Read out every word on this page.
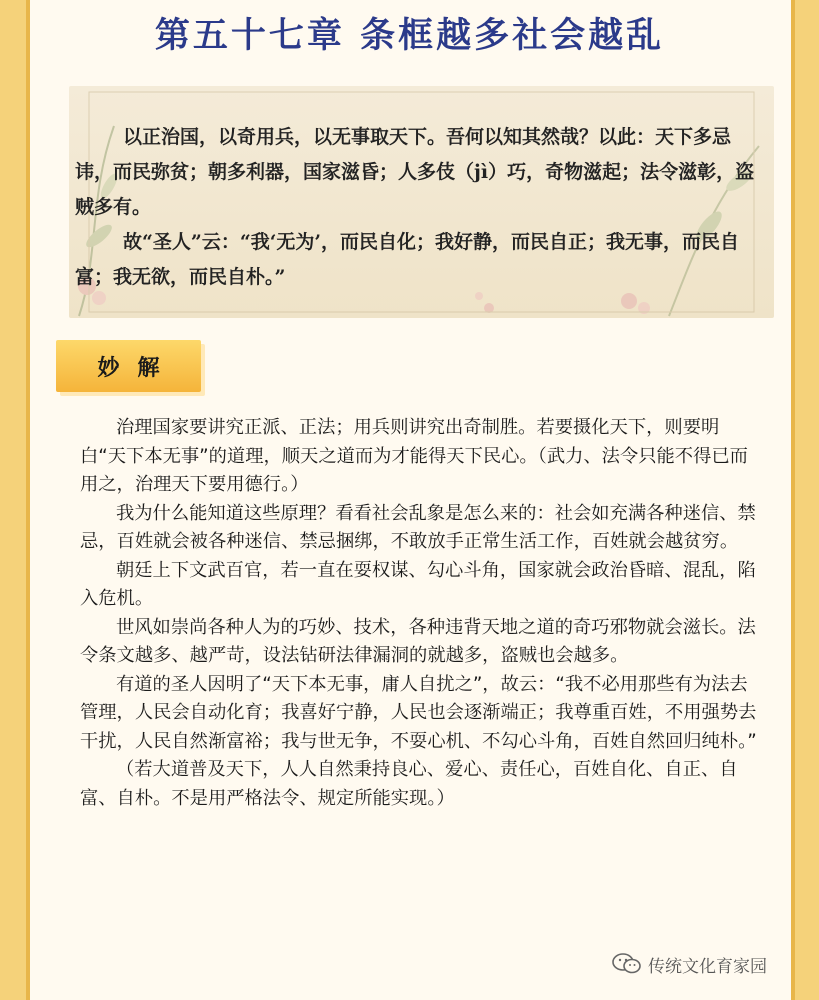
第五十七章 条框越多社会越乱

以正治国，以奇用兵，以无事取天下。吾何以知其然哉？以此：天下多忌讳，而民弥贫；朝多利器，国家滋昏；人多伎（jì）巧，奇物滋起；法令滋彰，盗贼多有。

故“圣人”云：“我‘无为’，而民自化；我好静，而民自正；我无事，而民自富；我无欲，而民自朴。”

妙解

治理国家要讲究正派、正法；用兵则讲究出奇制胜。若要摄化天下，则要明白“天下本无事”的道理，顺天之道而为才能得天下民心。（武力、法令只能不得已而用之，治理天下要用德行。）

我为什么能知道这些原理？看看社会乱象是怎么来的：社会如充满各种迷信、禁忌，百姓就会被各种迷信、禁忌捆绑，不敢放手正常生活工作，百姓就会越贫穷。

朝廷上下文武百官，若一直在耍权谋、勾心斗角，国家就会政治昏暗、混乱，陷入危机。

世风如崇尚各种人为的巧妙、技术，各种违背天地之道的奇巧邪物就会滋长。法令条文越多、越严苛，设法钻研法律漏洞的就越多，盗贼也会越多。

有道的圣人因明了“天下本无事，庸人自扰之”，故云：“我不必用那些有为法去管理，人民会自动化育；我喜好宁静，人民也会逐渐端正；我尊重百姓，不用强势去干扰，人民自然渐富裕；我与世无争，不耍心机、不勾心斗角，百姓自然回归纯朴。”

（若大道普及天下，人人自然秉持良心、爱心、责任心，百姓自化、自正、自富、自朴。不是用严格法令、规定所能实现。）

传统文化育家园
